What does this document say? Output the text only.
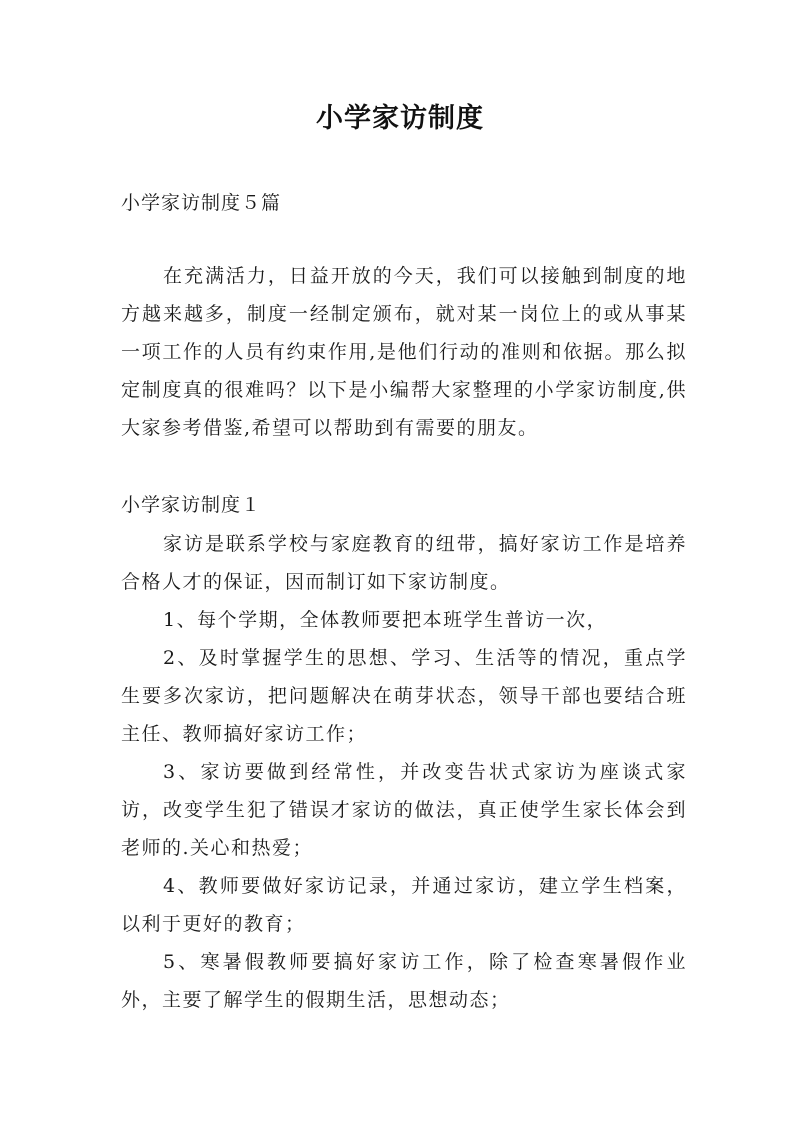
小学家访制度
小学家访制度５篇
在充满活力，日益开放的今天，我们可以接触到制度的地方越来越多，制度一经制定颁布，就对某一岗位上的或从事某一项工作的人员有约束作用,是他们行动的准则和依据。那么拟定制度真的很难吗？以下是小编帮大家整理的小学家访制度,供大家参考借鉴,希望可以帮助到有需要的朋友。
小学家访制度１
家访是联系学校与家庭教育的纽带，搞好家访工作是培养合格人才的保证，因而制订如下家访制度。
1、每个学期，全体教师要把本班学生普访一次，
2、及时掌握学生的思想、学习、生活等的情况，重点学生要多次家访，把问题解决在萌芽状态，领导干部也要结合班主任、教师搞好家访工作；
3、家访要做到经常性，并改变告状式家访为座谈式家访，改变学生犯了错误才家访的做法，真正使学生家长体会到老师的.关心和热爱；
4、教师要做好家访记录，并通过家访，建立学生档案，以利于更好的教育；
5、寒暑假教师要搞好家访工作，除了检查寒暑假作业外，主要了解学生的假期生活，思想动态；
